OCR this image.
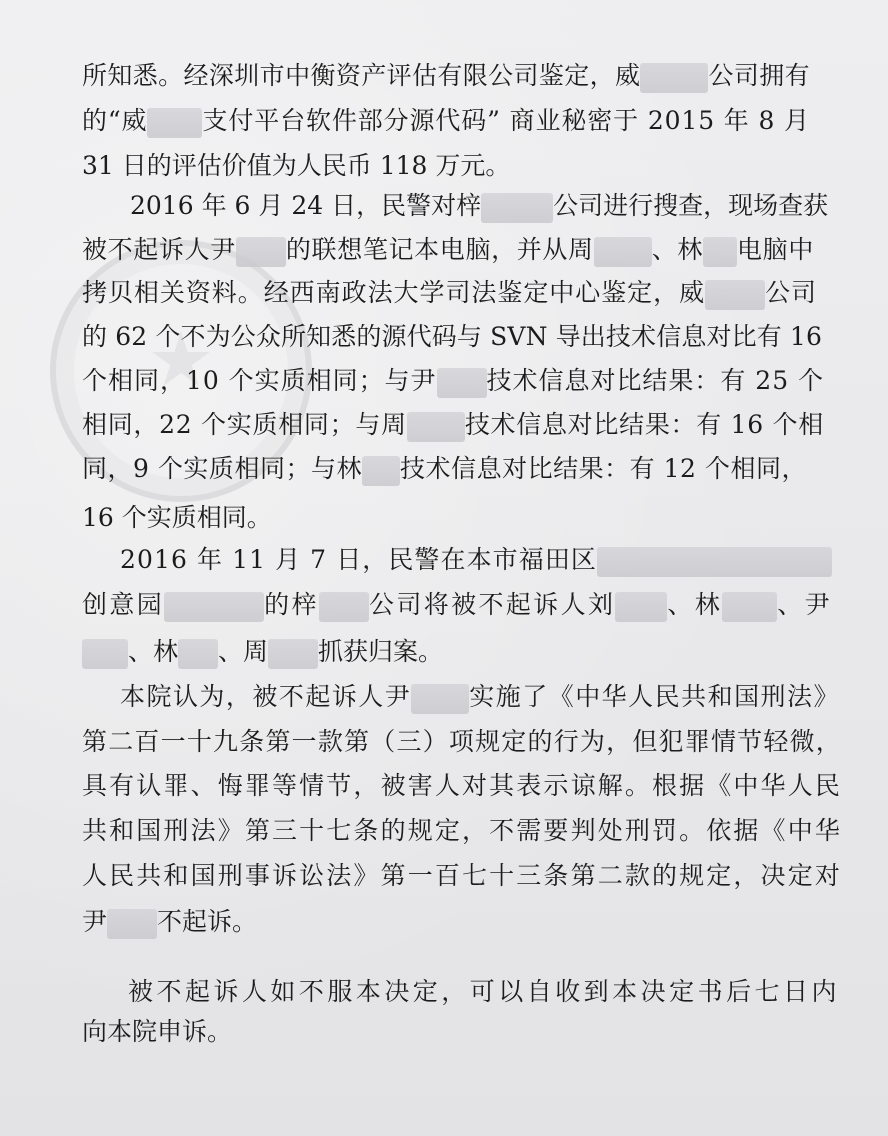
所知悉。经深圳市中衡资产评估有限公司鉴定，威	公司拥有
的“威 支付平台软件部分源代码” 商业秘密于 2015 年 8 月
31 日的评估价值为人民币 118 万元。
2016 年 6 月 24 日，民警对梓	公司进行搜查，现场查获
被不起诉人尹 的联想笔记本电脑，并从周 、林 电脑中
拷贝相关资料。经西南政法大学司法鉴定中心鉴定，威 公司
的 62 个不为公众所知悉的源代码与 SVN 导出技术信息对比有 16
个相同，10 个实质相同；与尹 技术信息对比结果：有 25 个
相同，22 个实质相同；与周 技术信息对比结果：有 16 个相
同，9 个实质相同；与林 技术信息对比结果：有 12 个相同，
16 个实质相同。
2016 年 11 月 7 日，民警在本市福田区
创意园	的梓 公司将被不起诉人刘 、林 、尹
、林 、周 抓获归案。
本院认为，被不起诉人尹 实施了《中华人民共和国刑法》
第二百一十九条第一款第（三）项规定的行为，但犯罪情节轻微，
具有认罪、悔罪等情节，被害人对其表示谅解。根据《中华人民
共和国刑法》第三十七条的规定，不需要判处刑罚。依据《中华
人民共和国刑事诉讼法》第一百七十三条第二款的规定，决定对
尹 不起诉。
被不起诉人如不服本决定，可以自收到本决定书后七日内
向本院申诉。
